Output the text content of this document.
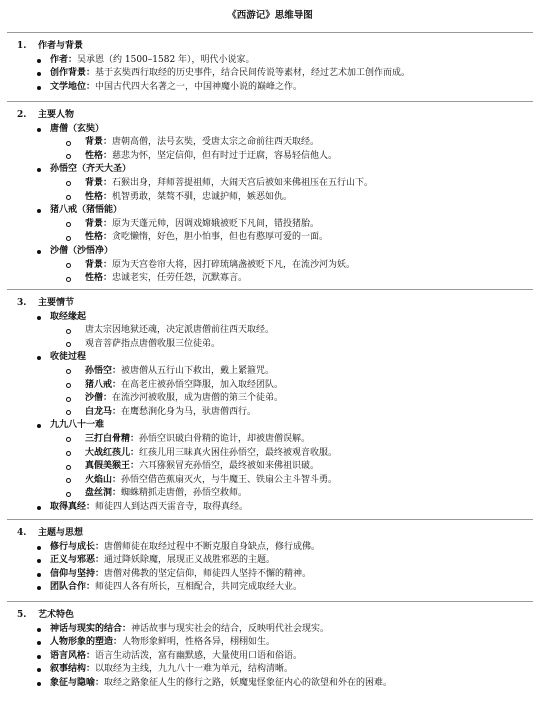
《西游记》思维导图
1. 作者与背景
作者：吴承恩（约 1500–1582 年），明代小说家。
创作背景：基于玄奘西行取经的历史事件，结合民间传说等素材，经过艺术加工创作而成。
文学地位：中国古代四大名著之一，中国神魔小说的巅峰之作。
2. 主要人物
唐僧（玄奘）
背景：唐朝高僧，法号玄奘，受唐太宗之命前往西天取经。
性格：慈悲为怀，坚定信仰，但有时过于迂腐，容易轻信他人。
孙悟空（齐天大圣）
背景：石猴出身，拜师菩提祖师，大闹天宫后被如来佛祖压在五行山下。
性格：机智勇敢，桀骜不驯，忠诚护师，嫉恶如仇。
猪八戒（猪悟能）
背景：原为天蓬元帅，因调戏嫦娥被贬下凡间，错投猪胎。
性格：贪吃懒惰，好色，胆小怕事，但也有憨厚可爱的一面。
沙僧（沙悟净）
背景：原为天宫卷帘大将，因打碎琉璃盏被贬下凡，在流沙河为妖。
性格：忠诚老实，任劳任怨，沉默寡言。
3. 主要情节
取经缘起
唐太宗因地狱还魂，决定派唐僧前往西天取经。
观音菩萨指点唐僧收服三位徒弟。
收徒过程
孙悟空：被唐僧从五行山下救出，戴上紧箍咒。
猪八戒：在高老庄被孙悟空降服，加入取经团队。
沙僧：在流沙河被收服，成为唐僧的第三个徒弟。
白龙马：在鹰愁涧化身为马，驮唐僧西行。
九九八十一难
三打白骨精：孙悟空识破白骨精的诡计，却被唐僧误解。
大战红孩儿：红孩儿用三昧真火困住孙悟空，最终被观音收服。
真假美猴王：六耳猕猴冒充孙悟空，最终被如来佛祖识破。
火焰山：孙悟空借芭蕉扇灭火，与牛魔王、铁扇公主斗智斗勇。
盘丝洞：蜘蛛精抓走唐僧，孙悟空救师。
取得真经：师徒四人到达西天雷音寺，取得真经。
4. 主题与思想
修行与成长：唐僧师徒在取经过程中不断克服自身缺点，修行成佛。
正义与邪恶：通过降妖除魔，展现正义战胜邪恶的主题。
信仰与坚持：唐僧对佛教的坚定信仰，师徒四人坚持不懈的精神。
团队合作：师徒四人各有所长，互相配合，共同完成取经大业。
5. 艺术特色
神话与现实的结合：神话故事与现实社会的结合，反映明代社会现实。
人物形象的塑造：人物形象鲜明，性格各异，栩栩如生。
语言风格：语言生动活泼，富有幽默感，大量使用口语和俗语。
叙事结构：以取经为主线，九九八十一难为单元，结构清晰。
象征与隐喻：取经之路象征人生的修行之路，妖魔鬼怪象征内心的欲望和外在的困难。
